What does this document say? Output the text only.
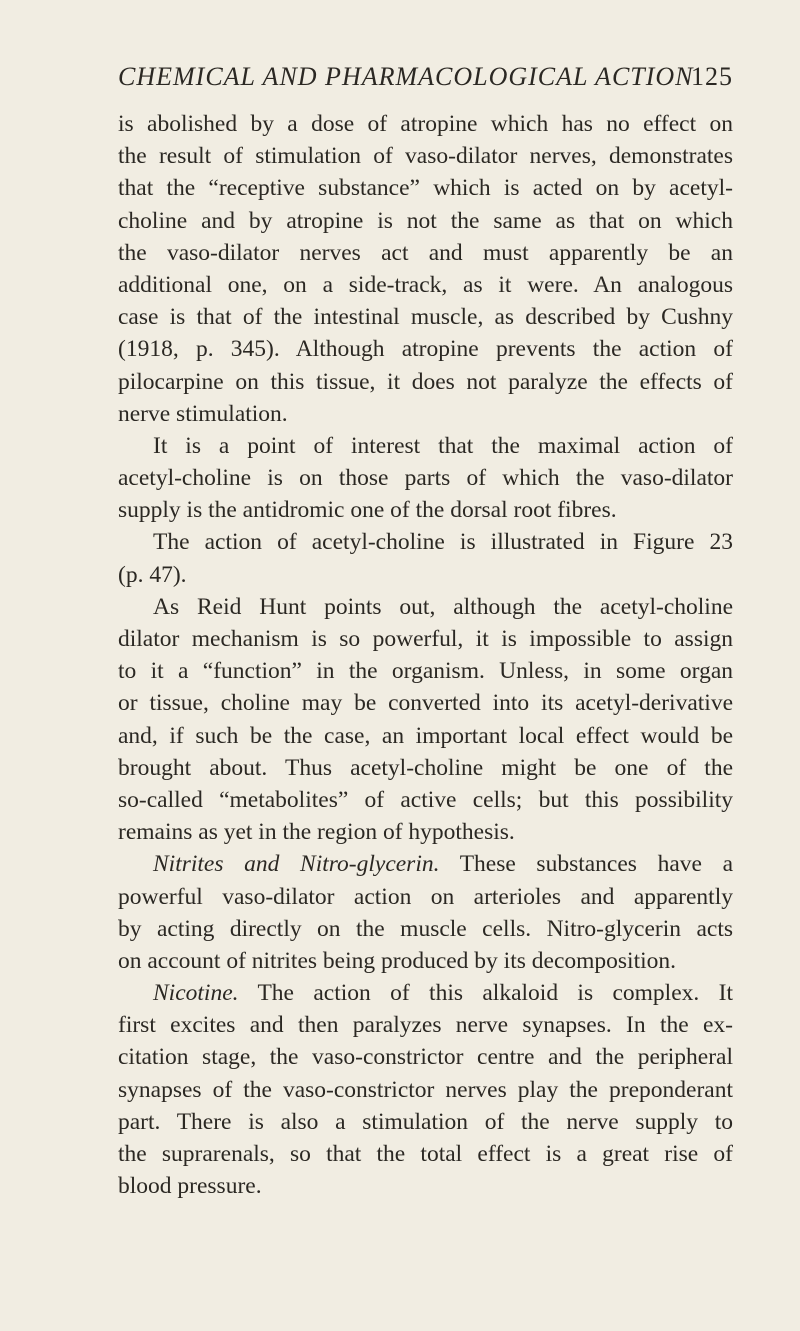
CHEMICAL AND PHARMACOLOGICAL ACTION
125
is abolished by a dose of atropine which has no effect on
the result of stimulation of vaso-dilator nerves, demonstrates
that the “receptive substance” which is acted on by acetyl-
choline and by atropine is not the same as that on which
the vaso-dilator nerves act and must apparently be an
additional one, on a side-track, as it were. An analogous
case is that of the intestinal muscle, as described by Cushny
(1918, p. 345). Although atropine prevents the action of
pilocarpine on this tissue, it does not paralyze the effects of
nerve stimulation.
It is a point of interest that the maximal action of
acetyl-choline is on those parts of which the vaso-dilator
supply is the antidromic one of the dorsal root fibres.
The action of acetyl-choline is illustrated in Figure 23
(p. 47).
As Reid Hunt points out, although the acetyl-choline
dilator mechanism is so powerful, it is impossible to assign
to it a “function” in the organism. Unless, in some organ
or tissue, choline may be converted into its acetyl-derivative
and, if such be the case, an important local effect would be
brought about. Thus acetyl-choline might be one of the
so-called “metabolites” of active cells; but this possibility
remains as yet in the region of hypothesis.
Nitrites and Nitro-glycerin. These substances have a
powerful vaso-dilator action on arterioles and apparently
by acting directly on the muscle cells. Nitro-glycerin acts
on account of nitrites being produced by its decomposition.
Nicotine. The action of this alkaloid is complex. It
first excites and then paralyzes nerve synapses. In the ex-
citation stage, the vaso-constrictor centre and the peripheral
synapses of the vaso-constrictor nerves play the preponderant
part. There is also a stimulation of the nerve supply to
the suprarenals, so that the total effect is a great rise of
blood pressure.
